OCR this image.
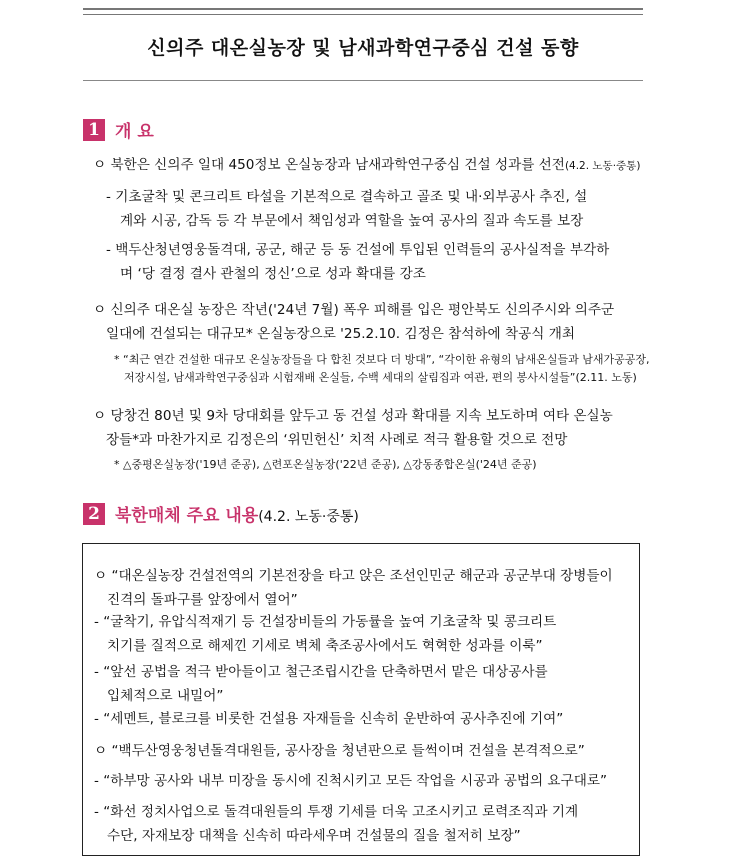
신의주 대온실농장 및 남새과학연구중심 건설 동향
1 개 요
ㅇ 북한은 신의주 일대 450정보 온실농장과 남새과학연구중심 건설 성과를 선전(4.2. 노동·중통)
- 기초굴착 및 콘크리트 타설을 기본적으로 결속하고 골조 및 내·외부공사 추진, 설
계와 시공, 감독 등 각 부문에서 책임성과 역할을 높여 공사의 질과 속도를 보장
- 백두산청년영웅돌격대, 공군, 해군 등 동 건설에 투입된 인력들의 공사실적을 부각하
며 ‘당 결정 결사 관철의 정신’으로 성과 확대를 강조
ㅇ 신의주 대온실 농장은 작년('24년 7월) 폭우 피해를 입은 평안북도 신의주시와 의주군
일대에 건설되는 대규모* 온실농장으로 '25.2.10. 김정은 참석하에 착공식 개최
* “최근 연간 건설한 대규모 온실농장들을 다 합친 것보다 더 방대”, “각이한 유형의 남새온실들과 남새가공공장,
저장시설, 남새과학연구중심과 시험재배 온실들, 수백 세대의 살림집과 여관, 편의 봉사시설들”(2.11. 노동)
ㅇ 당창건 80년 및 9차 당대회를 앞두고 동 건설 성과 확대를 지속 보도하며 여타 온실농
장들*과 마찬가지로 김정은의 ‘위민헌신’ 치적 사례로 적극 활용할 것으로 전망
* △중평온실농장('19년 준공), △련포온실농장('22년 준공), △강동종합온실('24년 준공)
2 북한매체 주요 내용(4.2. 노동·중통)
ㅇ “대온실농장 건설전역의 기본전장을 타고 앉은 조선인민군 해군과 공군부대 장병들이
진격의 돌파구를 앞장에서 열어”
- “굴착기, 유압식적재기 등 건설장비들의 가동률을 높여 기초굴착 및 콩크리트
치기를 질적으로 해제낀 기세로 벽체 축조공사에서도 혁혁한 성과를 이룩”
- “앞선 공법을 적극 받아들이고 철근조립시간을 단축하면서 맡은 대상공사를
입체적으로 내밀어”
- “세멘트, 블로크를 비롯한 건설용 자재들을 신속히 운반하여 공사추진에 기여”
ㅇ “백두산영웅청년돌격대원들, 공사장을 청년판으로 들썩이며 건설을 본격적으로”
- “하부망 공사와 내부 미장을 동시에 진척시키고 모든 작업을 시공과 공법의 요구대로”
- “화선 정치사업으로 돌격대원들의 투쟁 기세를 더욱 고조시키고 로력조직과 기계
수단, 자재보장 대책을 신속히 따라세우며 건설물의 질을 철저히 보장”
